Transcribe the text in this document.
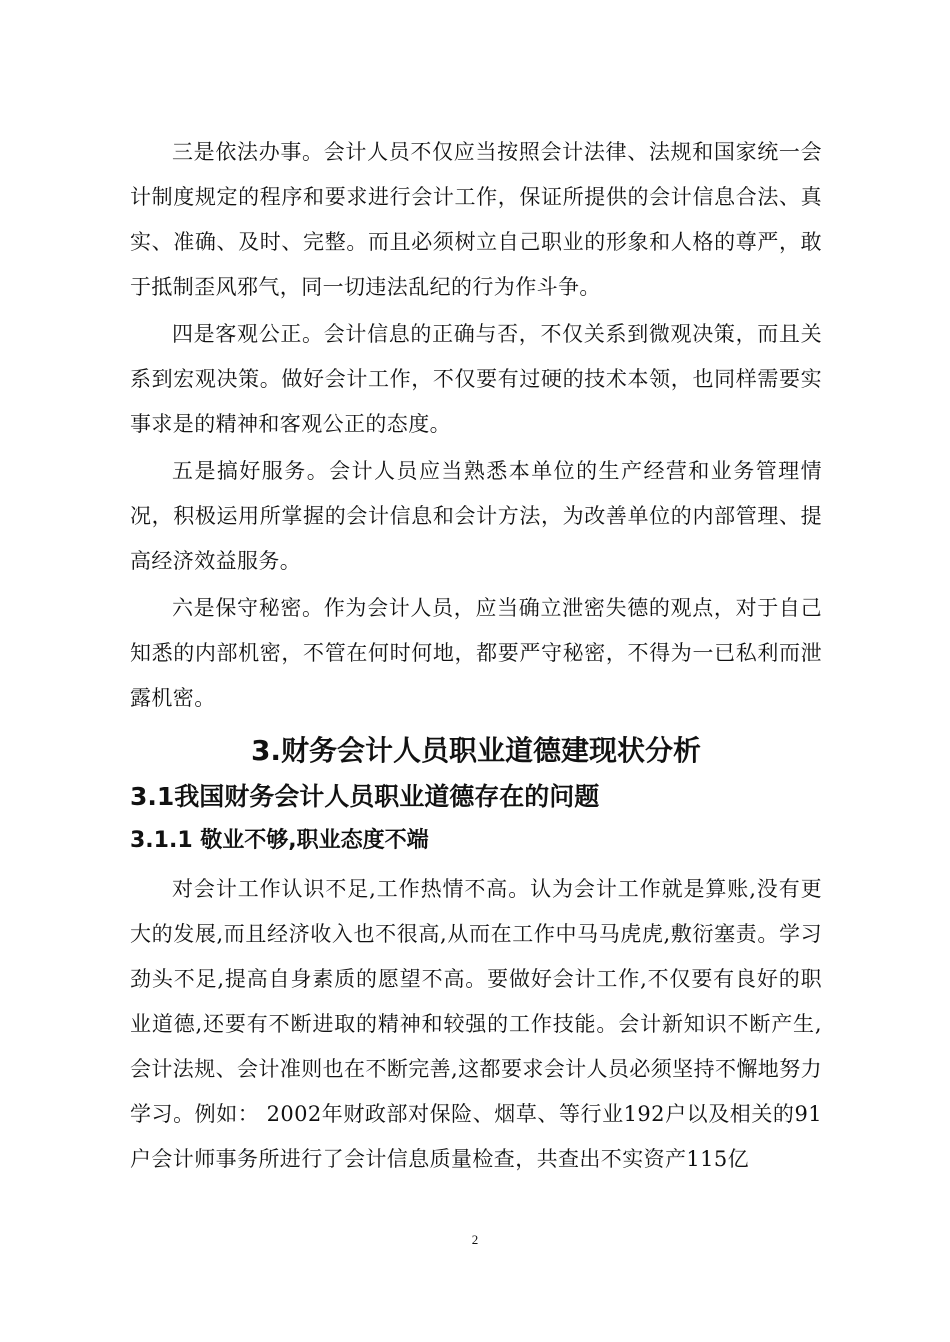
三是依法办事。会计人员不仅应当按照会计法律、法规和国家统一会计制度规定的程序和要求进行会计工作，保证所提供的会计信息合法、真实、准确、及时、完整。而且必须树立自己职业的形象和人格的尊严，敢于抵制歪风邪气，同一切违法乱纪的行为作斗争。

四是客观公正。会计信息的正确与否，不仅关系到微观决策，而且关系到宏观决策。做好会计工作，不仅要有过硬的技术本领，也同样需要实事求是的精神和客观公正的态度。

五是搞好服务。会计人员应当熟悉本单位的生产经营和业务管理情况，积极运用所掌握的会计信息和会计方法，为改善单位的内部管理、提高经济效益服务。

六是保守秘密。作为会计人员，应当确立泄密失德的观点，对于自己知悉的内部机密，不管在何时何地，都要严守秘密，不得为一已私利而泄露机密。

3.财务会计人员职业道德建现状分析
3.1我国财务会计人员职业道德存在的问题
3.1.1 敬业不够,职业态度不端

对会计工作认识不足,工作热情不高。认为会计工作就是算账,没有更大的发展,而且经济收入也不很高,从而在工作中马马虎虎,敷衍塞责。学习劲头不足,提高自身素质的愿望不高。要做好会计工作,不仅要有良好的职业道德,还要有不断进取的精神和较强的工作技能。会计新知识不断产生,会计法规、会计准则也在不断完善,这都要求会计人员必须坚持不懈地努力学习。例如： 2002年财政部对保险、烟草、等行业192户以及相关的91户会计师事务所进行了会计信息质量检查，共查出不实资产115亿

2
